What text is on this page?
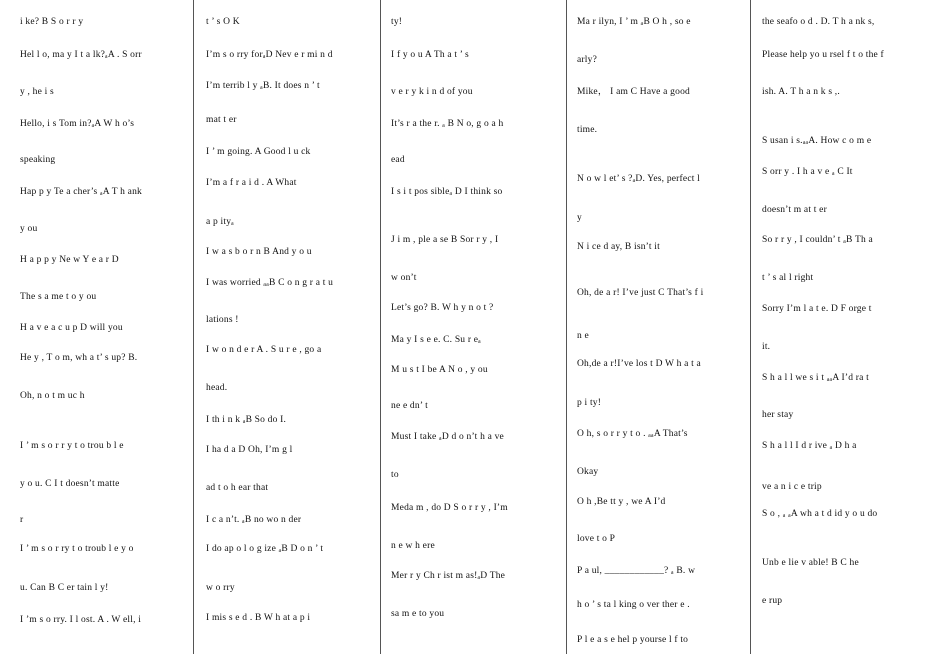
i ke? B S o r r y
Hel l o, ma y I t a lk?ₐA . S orr
y , he i s
Hello, i s Tom in?ₐA W h o’s
speaking
Hap p y Te a cher’s ₐA T h ank
y ou
H a p p y Ne w Y e a r D
The s a me t o y ou
H a v e a c u p D will you
He y , T o m, wh a t’ s up? B.
Oh, n o t m uc h
I ’ m s o r r y t o trou b l e
y o u. C I t doesn’t matte
r
I ’ m s o r ry t o troub l e y o
u. Can B C er tain l y!
I ’m s o rry. I l ost. A . W ell, i
t ’ s O K
I’m s o rry forₐD Nev e r mi n d
I’m terrib l y ₐB. It does n ’ t
mat t er
I ’ m going. A Good l u ck
I’m a f r a i d . A What
a p ityₐ
I w a s b o r n B And y o u
I was worried ₐₐB C o n g r a t u
lations !
I w o n d e r A . S u r e , go a
head.
I th i n k ₐB So do I.
I ha d a D Oh, I’m g l
ad t o h ear that
I c a n’t. ₐB no wo n der
I do ap o l o g ize ₐB D o n ’ t
w o rry
I mis s e d . B W h at a p i
ty!
I f y o u A Th a t ’ s
v e r y k i n d of you
It’s r a the r. ₐ B N o, g o a h
ead
I s i t pos sibleₐ D I think so
J i m , ple a se B Sor r y , I
w on’t
Let’s go? B. W h y n o t ?
Ma y I s e e. C. Su r eₐ
M u s t I be A N o , y ou
ne e dn’ t
Must I take ₐD d o n’t h a ve
to
Meda m , do D S o r r y , I’m
n e w h ere
Mer r y Ch r ist m as!ₐD The
sa m e to you
Ma r ilyn, I ’ m ₐB O h , so e
arly?
Mike， I am C Have a good
time.
N o w l et’ s ?ₐD. Yes, perfect l
y
N i ce d ay, B isn’t it
Oh, de a r! I’ve just C That’s f i
n e
Oh,de a r!I’ve los t D W h a t a
p i ty!
O h, s o r r y t o . ₐₐA That’s
Okay
O h ,Be tt y , we A I’d
love t o P
P a ul, ____________? ₐ B. w
h o ’ s ta l king o ver ther e .
P l e a s e hel p yourse l f to
the seafo o d . D. T h a nk s,
Please help yo u rsel f t o the f
ish. A. T h a n k s ,.
S usan i s.ₐₐA. How c o m e
S orr y . I h a v e ₐ C It
doesn’t m at t er
So r r y , I couldn’ t ₐB Th a
t ’ s al l right
Sorry I’m l a t e. D F orge t
it.
S h a l l we s i t ₐₐA I’d ra t
her stay
S h a l l I d r ive ₐ D h a
ve a n i c e trip
S o , ₐ ₐA wh a t d id y o u do
Unb e lie v able! B C he
e rup
